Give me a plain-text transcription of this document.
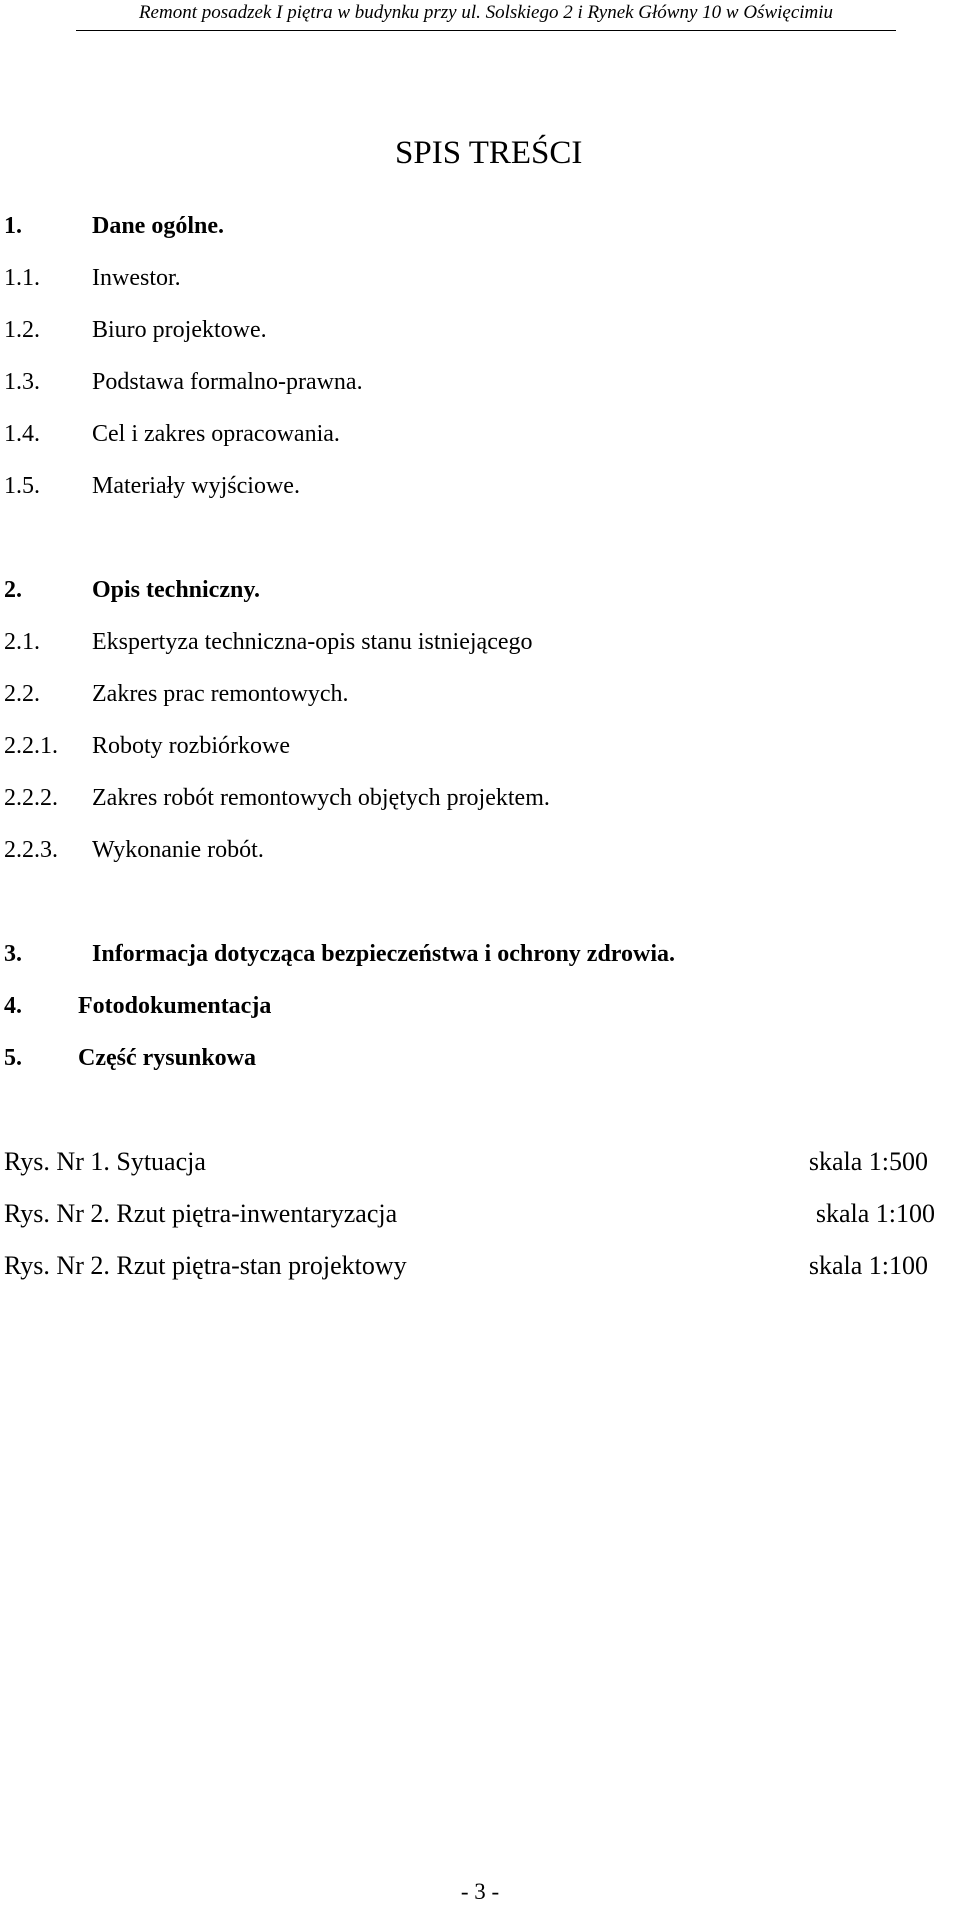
Remont posadzek I piętra w budynku przy ul. Solskiego 2 i Rynek Główny 10 w Oświęcimiu
SPIS TREŚCI
1.	Dane ogólne.
1.1. Inwestor.
1.2. Biuro projektowe.
1.3. Podstawa formalno-prawna.
1.4. Cel i zakres opracowania.
1.5. Materiały wyjściowe.
2.	Opis techniczny.
2.1. Ekspertyza techniczna-opis stanu istniejącego
2.2. Zakres prac remontowych.
2.2.1. Roboty rozbiórkowe
2.2.2. Zakres robót remontowych objętych projektem.
2.2.3. Wykonanie robót.
3.	Informacja dotycząca bezpieczeństwa i ochrony zdrowia.
4. Fotodokumentacja
5. Część rysunkowa
Rys. Nr 1. Sytuacja	skala 1:500
Rys. Nr 2. Rzut piętra-inwentaryzacja	skala 1:100
Rys. Nr 2. Rzut piętra-stan projektowy	skala 1:100
- 3 -
